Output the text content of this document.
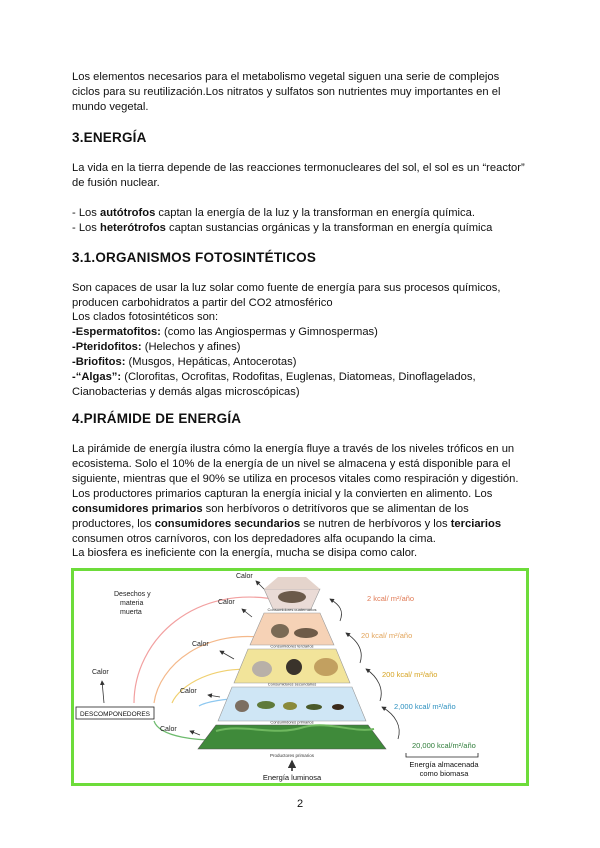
Los elementos necesarios para el metabolismo vegetal siguen una serie de complejos ciclos para su reutilización.Los nitratos y sulfatos son nutrientes muy importantes en el mundo vegetal.

3.ENERGÍA

La vida en la tierra depende de las reacciones termonucleares del sol, el sol es un “reactor” de fusión nuclear.

- Los autótrofos captan la energía de la luz y la transforman en energía química.

- Los heterótrofos captan sustancias orgánicas y la transforman en energía química

3.1.ORGANISMOS FOTOSINTÉTICOS

Son capaces de usar la luz solar como fuente de energía para sus procesos químicos, producen carbohidratos a partir del CO2 atmosférico

Los clados fotosintéticos son:

-Espermatofitos: (como las Angiospermas y Gimnospermas)

-Pteridofitos: (Helechos y afines)

-Briofitos: (Musgos, Hepáticas, Antocerotas)

-“Algas”: (Clorofitas, Ocrofitas, Rodofitas, Euglenas, Diatomeas, Dinoflagelados, Cianobacterias y demás algas microscópicas)

4.PIRÁMIDE DE ENERGÍA

La pirámide de energía ilustra cómo la energía fluye a través de los niveles tróficos en un ecosistema. Solo el 10% de la energía de un nivel se almacena y está disponible para el siguiente, mientras que el 90% se utiliza en procesos vitales como respiración y digestión. Los productores primarios capturan la energía inicial y la convierten en alimento. Los consumidores primarios son herbívoros o detritívoros que se alimentan de los productores, los consumidores secundarios se nutren de herbívoros y los terciarios consumen otros carnívoros, con los depredadores alfa ocupando la cima.

La biosfera es ineficiente con la energía, mucha se disipa como calor.

Consumidores cuaternarios
Consumidores terciarios
Consumidores secundarios
Consumidores primarios
Productores primarios
Calor
Calor
Calor
Calor
Calor
Calor
Desechos y
materia
muerta
DESCOMPONEDORES
2 kcal/ m²/año
20 kcal/ m²/año
200 kcal/ m²/año
2,000 kcal/ m²/año
20,000 kcal/m²/año
Energía almacenada
como biomasa
Energía luminosa
2
